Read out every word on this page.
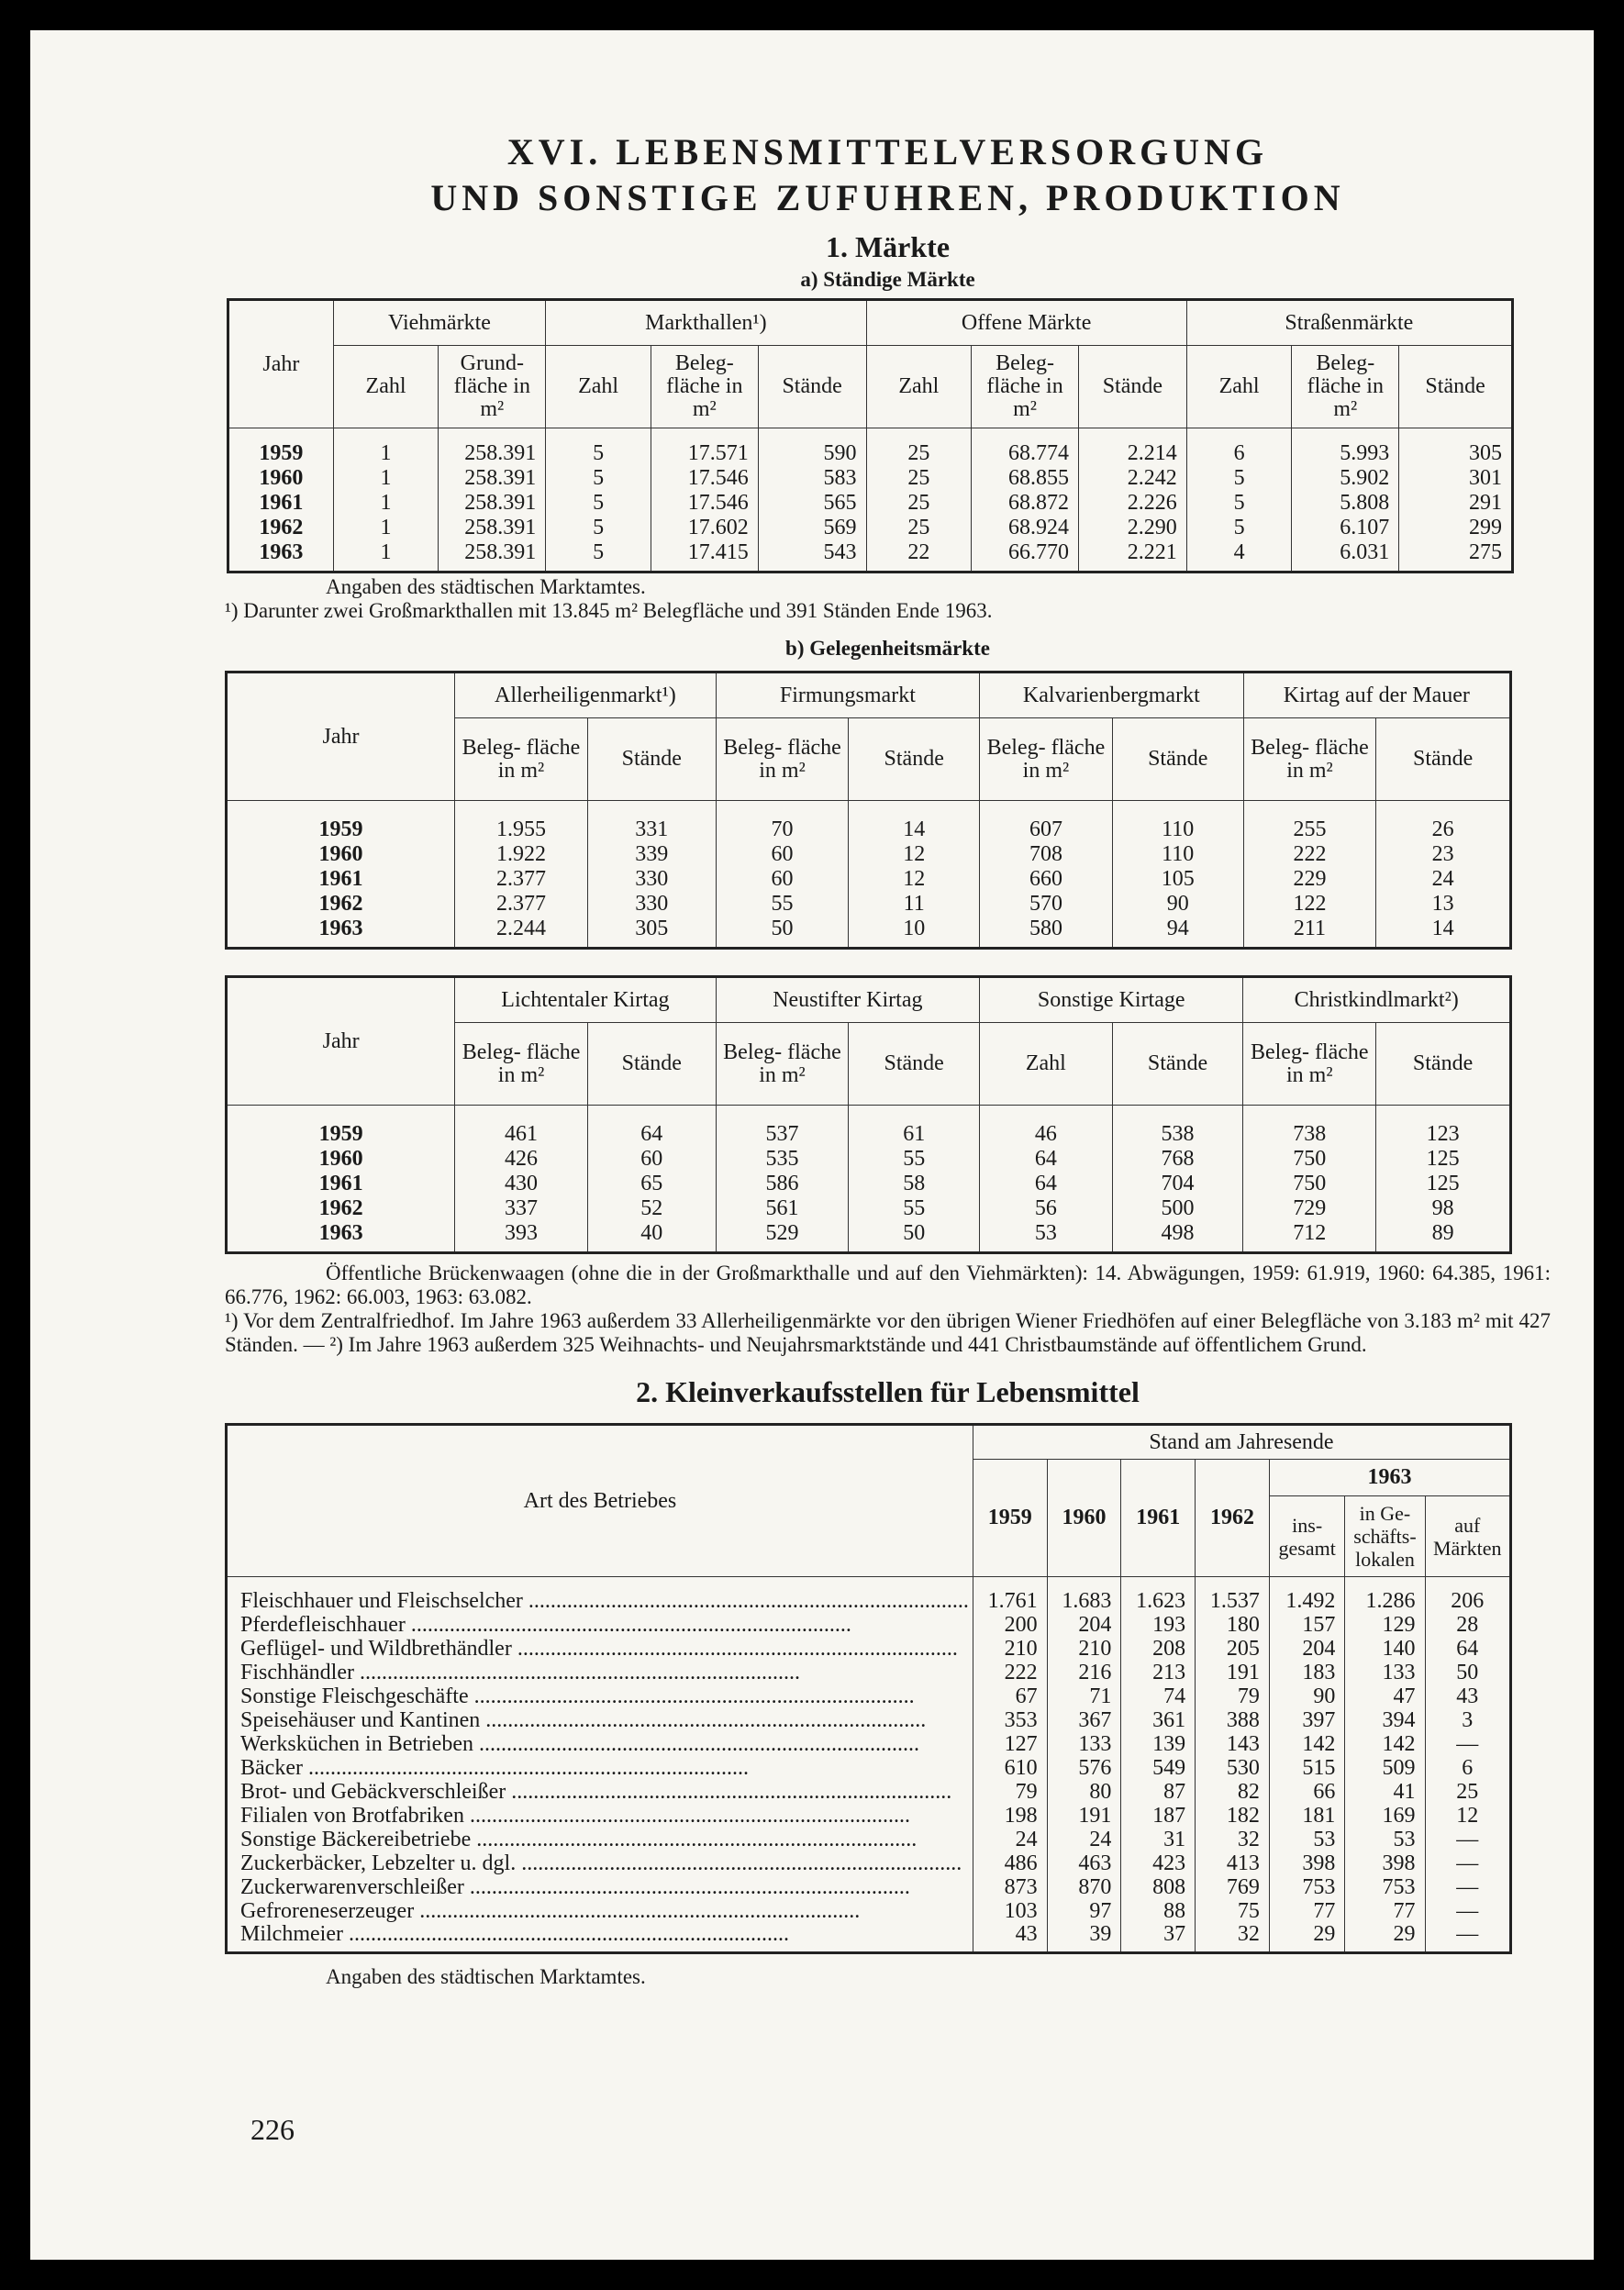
XVI. LEBENSMITTELVERSORGUNG
UND SONSTIGE ZUFUHREN, PRODUKTION
1. Märkte
a) Ständige Märkte
Jahr	Viehmärkte		Markthallen¹)			Offene Märkte			Straßenmärkte		
	Zahl	Grund- fläche in m²	Zahl	Beleg- fläche in m²	Stände	Zahl	Beleg- fläche in m²	Stände	Zahl	Beleg- fläche in m²	Stände
1959	1	258.391	5	17.571	590	25	68.774	2.214	6	5.993	305
1960	1	258.391	5	17.546	583	25	68.855	2.242	5	5.902	301
1961	1	258.391	5	17.546	565	25	68.872	2.226	5	5.808	291
1962	1	258.391	5	17.602	569	25	68.924	2.290	5	6.107	299
1963	1	258.391	5	17.415	543	22	66.770	2.221	4	6.031	275
Angaben des städtischen Marktamtes.
¹) Darunter zwei Großmarkthallen mit 13.845 m² Belegfläche und 391 Ständen Ende 1963.
b) Gelegenheitsmärkte
Jahr	Allerheiligenmarkt¹)		Firmungsmarkt		Kalvarienbergmarkt		Kirtag auf der Mauer	
	Beleg- fläche in m²	Stände	Beleg- fläche in m²	Stände	Beleg- fläche in m²	Stände	Beleg- fläche in m²	Stände
1959	1.955	331	70	14	607	110	255	26
1960	1.922	339	60	12	708	110	222	23
1961	2.377	330	60	12	660	105	229	24
1962	2.377	330	55	11	570	90	122	13
1963	2.244	305	50	10	580	94	211	14
Jahr	Lichtentaler Kirtag		Neustifter Kirtag		Sonstige Kirtage		Christkindlmarkt²)	
	Beleg- fläche in m²	Stände	Beleg- fläche in m²	Stände	Zahl	Stände	Beleg- fläche in m²	Stände
1959	461	64	537	61	46	538	738	123
1960	426	60	535	55	64	768	750	125
1961	430	65	586	58	64	704	750	125
1962	337	52	561	55	56	500	729	98
1963	393	40	529	50	53	498	712	89
Öffentliche Brückenwaagen (ohne die in der Großmarkthalle und auf den Viehmärkten): 14. Abwägungen, 1959: 61.919, 1960: 64.385, 1961: 66.776, 1962: 66.003, 1963: 63.082.
¹) Vor dem Zentralfriedhof. Im Jahre 1963 außerdem 33 Allerheiligenmärkte vor den übrigen Wiener Friedhöfen auf einer Belegfläche von 3.183 m² mit 427 Ständen. — ²) Im Jahre 1963 außerdem 325 Weihnachts- und Neujahrsmarktstände und 441 Christbaumstände auf öffentlichem Grund.
2. Kleinverkaufsstellen für Lebensmittel
Art des Betriebes	Stand am Jahresende						
	1959	1960	1961	1962	1963		
					ins- gesamt	in Ge- schäfts- lokalen	auf Märkten
Fleischhauer und Fleischselcher ................................................................................	1.761	1.683	1.623	1.537	1.492	1.286	206
Pferdefleischhauer ................................................................................	200	204	193	180	157	129	28
Geflügel- und Wildbrethändler ................................................................................	210	210	208	205	204	140	64
Fischhändler ................................................................................	222	216	213	191	183	133	50
Sonstige Fleischgeschäfte ................................................................................	67	71	74	79	90	47	43
Speisehäuser und Kantinen ................................................................................	353	367	361	388	397	394	3
Werksküchen in Betrieben ................................................................................	127	133	139	143	142	142	—
Bäcker ................................................................................	610	576	549	530	515	509	6
Brot- und Gebäckverschleißer ................................................................................	79	80	87	82	66	41	25
Filialen von Brotfabriken ................................................................................	198	191	187	182	181	169	12
Sonstige Bäckereibetriebe ................................................................................	24	24	31	32	53	53	—
Zuckerbäcker, Lebzelter u. dgl. ................................................................................	486	463	423	413	398	398	—
Zuckerwarenverschleißer ................................................................................	873	870	808	769	753	753	—
Gefroreneserzeuger ................................................................................	103	97	88	75	77	77	—
Milchmeier ................................................................................	43	39	37	32	29	29	—
Angaben des städtischen Marktamtes.
226
